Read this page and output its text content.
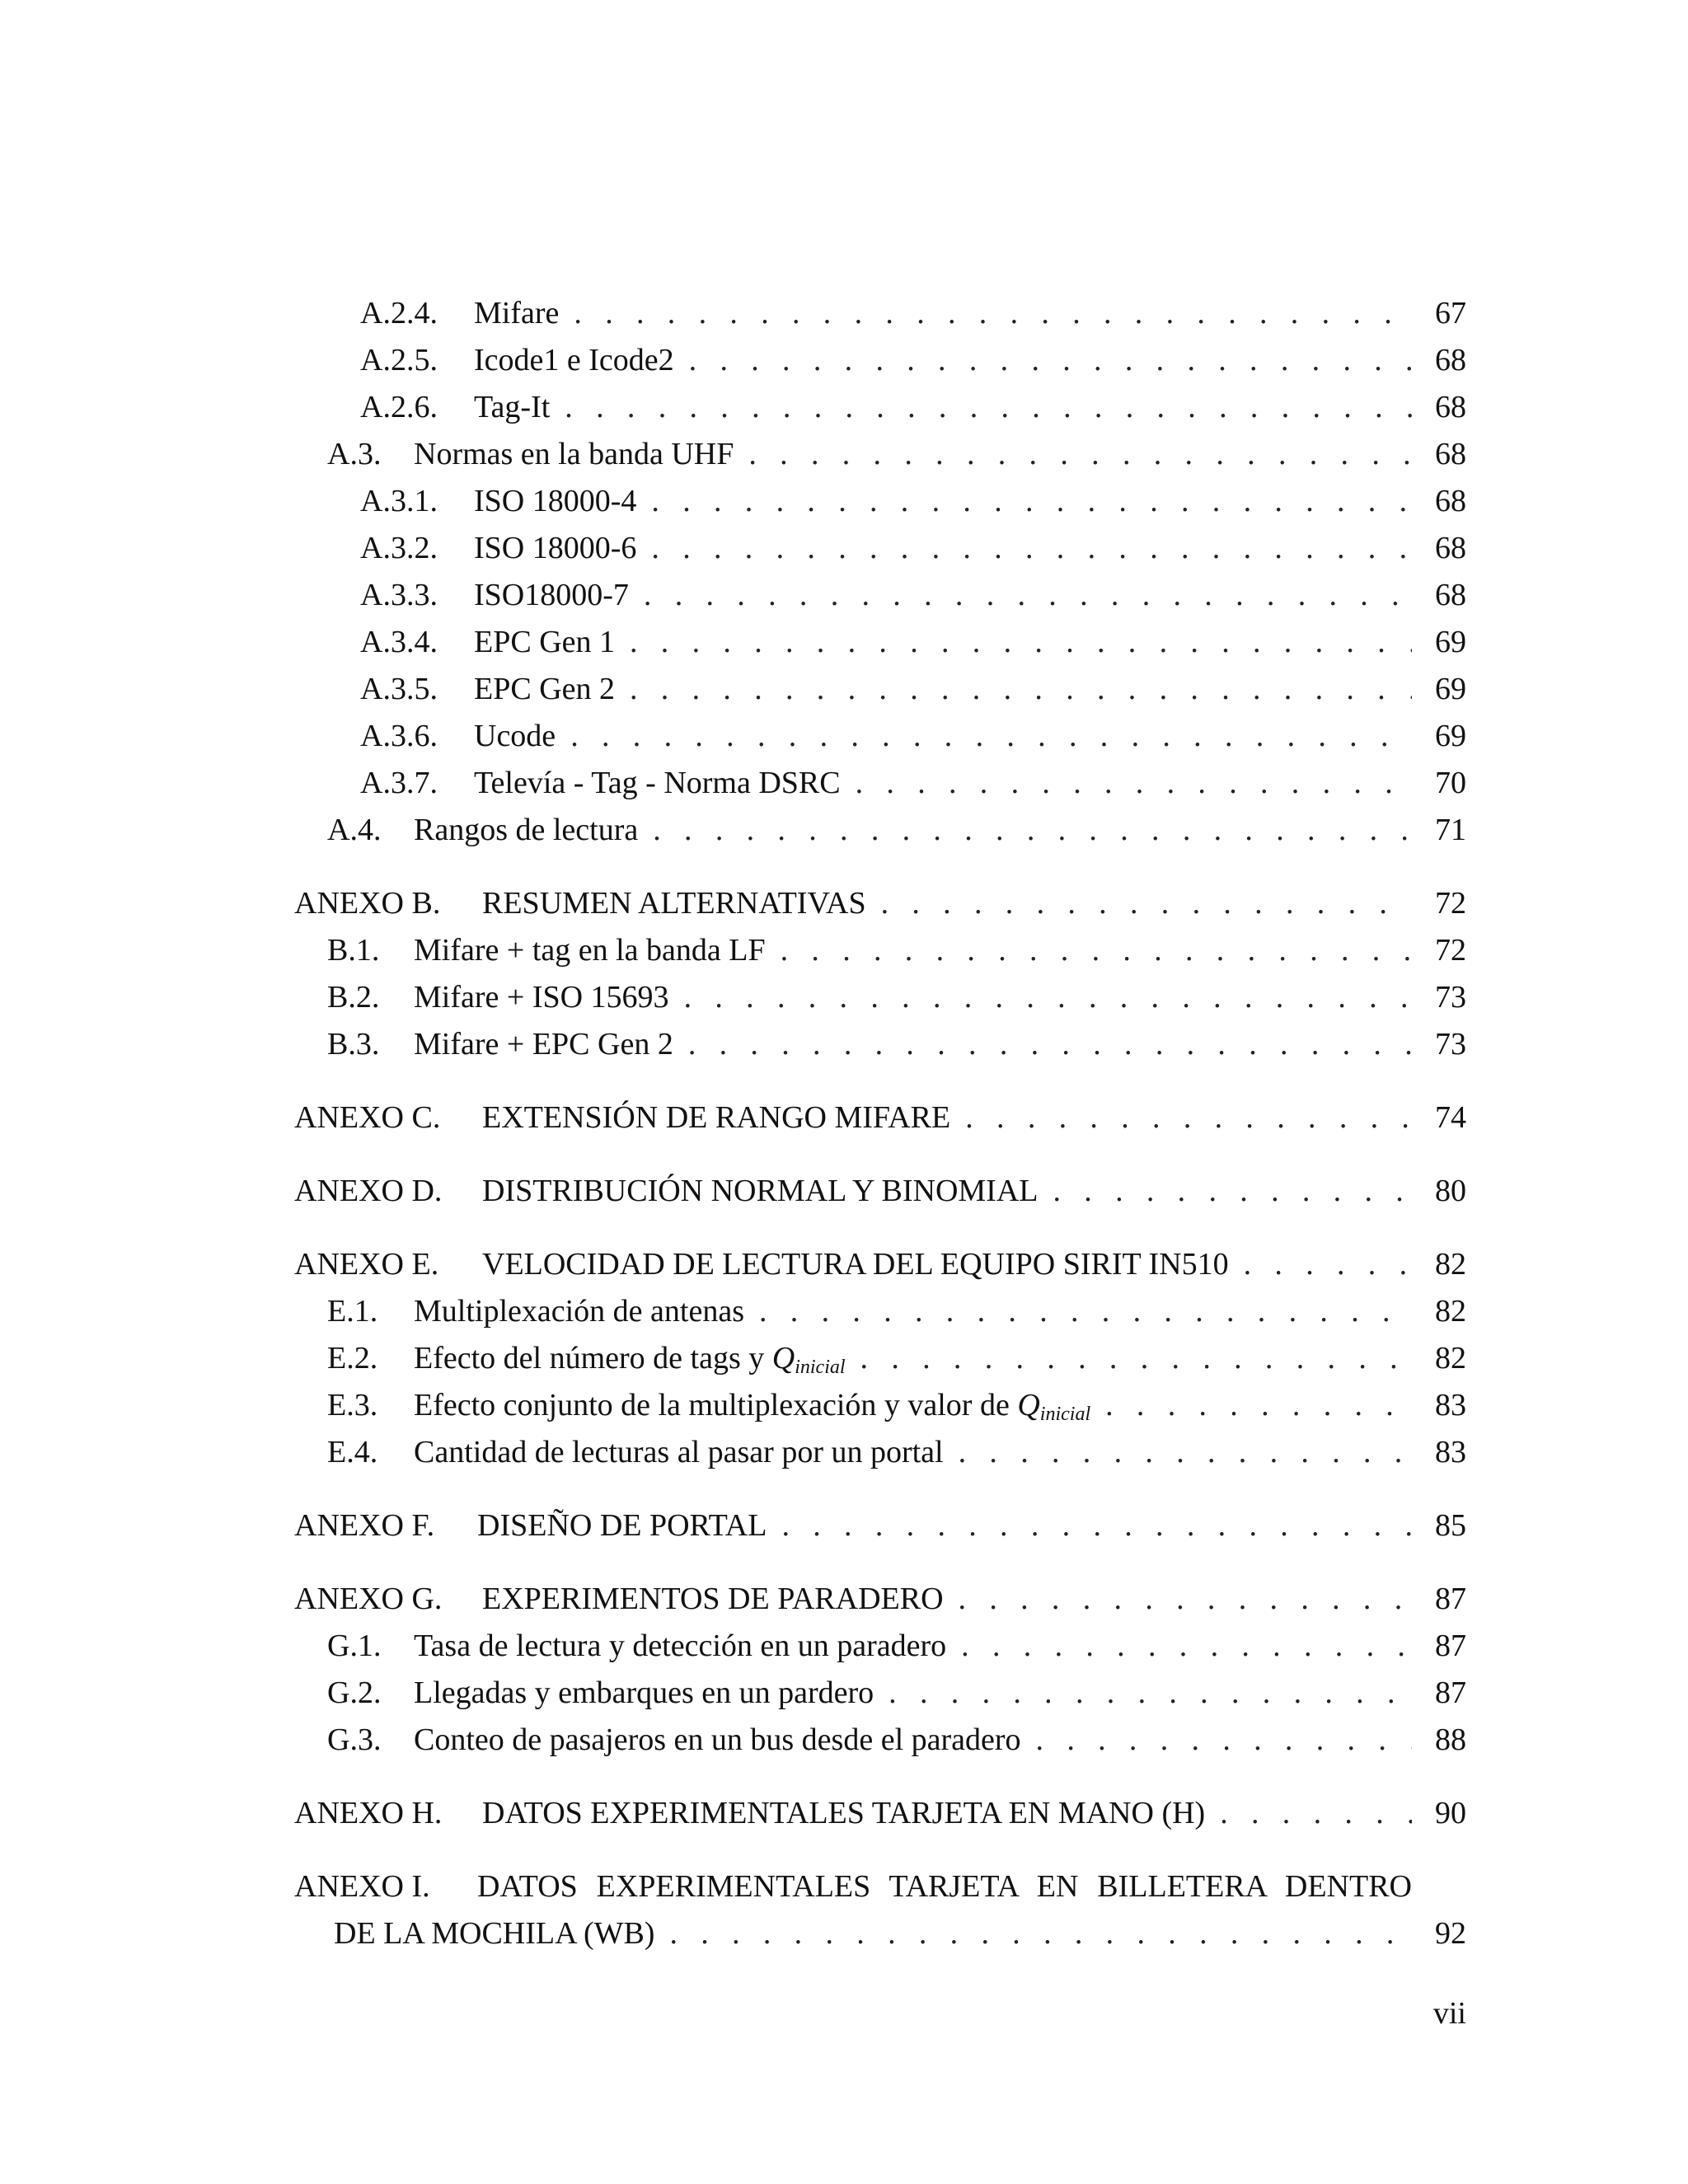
A.2.4.	Mifare . . .	67
A.2.5.	Icode1 e Icode2 . . .	68
A.2.6.	Tag-It . . .	68
A.3.	Normas en la banda UHF . . .	68
A.3.1.	ISO 18000-4 . . .	68
A.3.2.	ISO 18000-6 . . .	68
A.3.3.	ISO18000-7 . . .	68
A.3.4.	EPC Gen 1 . . .	69
A.3.5.	EPC Gen 2 . . .	69
A.3.6.	Ucode . . .	69
A.3.7.	Televía - Tag - Norma DSRC . . .	70
A.4.	Rangos de lectura . . .	71
ANEXO B.	RESUMEN ALTERNATIVAS . . .	72
B.1.	Mifare + tag en la banda LF . . .	72
B.2.	Mifare + ISO 15693 . . .	73
B.3.	Mifare + EPC Gen 2 . . .	73
ANEXO C.	EXTENSIÓN DE RANGO MIFARE . . .	74
ANEXO D.	DISTRIBUCIÓN NORMAL Y BINOMIAL . . .	80
ANEXO E.	VELOCIDAD DE LECTURA DEL EQUIPO SIRIT IN510 . . .	82
E.1.	Multiplexación de antenas . . .	82
E.2.	Efecto del número de tags y $Q_{inicial}$ . . .	82
E.3.	Efecto conjunto de la multiplexación y valor de $Q_{inicial}$ . . .	83
E.4.	Cantidad de lecturas al pasar por un portal . . .	83
ANEXO F.	DISEÑO DE PORTAL . . .	85
ANEXO G.	EXPERIMENTOS DE PARADERO . . .	87
G.1.	Tasa de lectura y detección en un paradero . . .	87
G.2.	Llegadas y embarques en un pardero . . .	87
G.3.	Conteo de pasajeros en un bus desde el paradero . . .	88
ANEXO H.	DATOS EXPERIMENTALES TARJETA EN MANO (H) . . .	90
ANEXO I.	DATOS EXPERIMENTALES TARJETA EN BILLETERA DENTRO
DE LA MOCHILA (WB) . . .	92
vii
